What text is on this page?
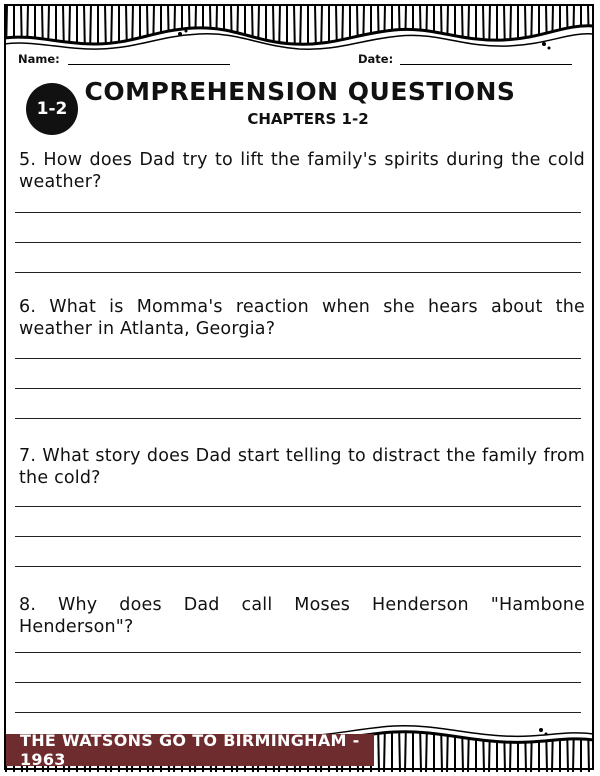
Name:	Date:
1-2
COMPREHENSION QUESTIONS
CHAPTERS 1-2
5. How does Dad try to lift the family's spirits during the cold weather?
6. What is Momma's reaction when she hears about the weather in Atlanta, Georgia?
7. What story does Dad start telling to distract the family from the cold?
8. Why does Dad call Moses Henderson "Hambone Henderson"?
THE WATSONS GO TO BIRMINGHAM - 1963
